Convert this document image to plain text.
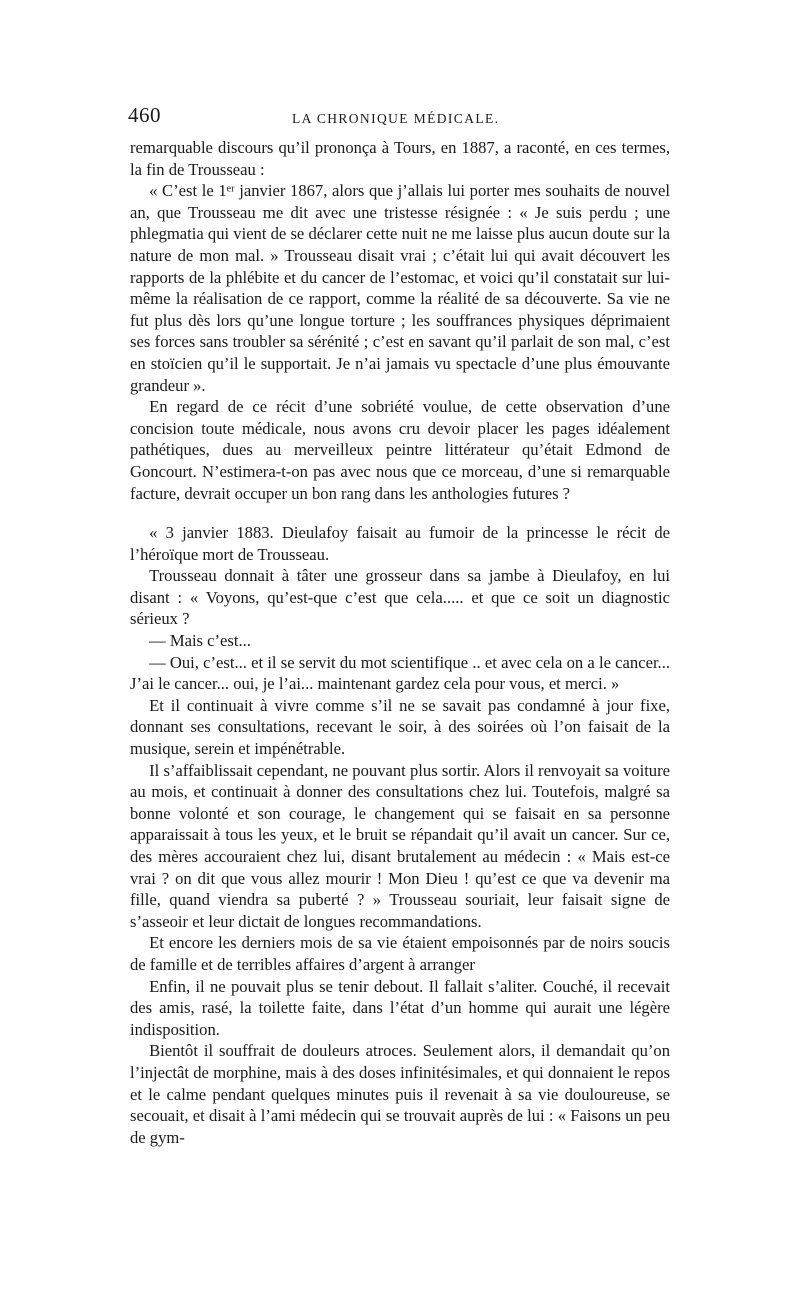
460	LA CHRONIQUE MÉDICALE.

remarquable discours qu’il prononça à Tours, en 1887, a raconté, en ces termes, la fin de Trousseau :

« C’est le 1ᵉʳ janvier 1867, alors que j’allais lui porter mes souhaits de nouvel an, que Trousseau me dit avec une tristesse résignée : « Je suis perdu ; une phlegmatia qui vient de se déclarer cette nuit ne me laisse plus aucun doute sur la nature de mon mal. » Trousseau disait vrai ; c’était lui qui avait découvert les rapports de la phlébite et du cancer de l’estomac, et voici qu’il constatait sur lui-même la réalisation de ce rapport, comme la réalité de sa découverte. Sa vie ne fut plus dès lors qu’une longue torture ; les souffrances physiques déprimaient ses forces sans troubler sa sérénité ; c’est en savant qu’il parlait de son mal, c’est en stoïcien qu’il le supportait. Je n’ai jamais vu spectacle d’une plus émouvante grandeur ».

En regard de ce récit d’une sobriété voulue, de cette observation d’une concision toute médicale, nous avons cru devoir placer les pages idéalement pathétiques, dues au merveilleux peintre littérateur qu’était Edmond de Goncourt. N’estimera-t-on pas avec nous que ce morceau, d’une si remarquable facture, devrait occuper un bon rang dans les anthologies futures ?

« 3 janvier 1883. Dieulafoy faisait au fumoir de la princesse le récit de l’héroïque mort de Trousseau.

Trousseau donnait à tâter une grosseur dans sa jambe à Dieulafoy, en lui disant : « Voyons, qu’est-que c’est que cela..... et que ce soit un diagnostic sérieux ?

— Mais c’est...

— Oui, c’est... et il se servit du mot scientifique .. et avec cela on a le cancer... J’ai le cancer... oui, je l’ai... maintenant gardez cela pour vous, et merci. »

Et il continuait à vivre comme s’il ne se savait pas condamné à jour fixe, donnant ses consultations, recevant le soir, à des soirées où l’on faisait de la musique, serein et impénétrable.

Il s’affaiblissait cependant, ne pouvant plus sortir. Alors il renvoyait sa voiture au mois, et continuait à donner des consultations chez lui. Toutefois, malgré sa bonne volonté et son courage, le changement qui se faisait en sa personne apparaissait à tous les yeux, et le bruit se répandait qu’il avait un cancer. Sur ce, des mères accouraient chez lui, disant brutalement au médecin : « Mais est-ce vrai ? on dit que vous allez mourir ! Mon Dieu ! qu’est ce que va devenir ma fille, quand viendra sa puberté ? » Trousseau souriait, leur faisait signe de s’asseoir et leur dictait de longues recommandations.

Et encore les derniers mois de sa vie étaient empoisonnés par de noirs soucis de famille et de terribles affaires d’argent à arranger

Enfin, il ne pouvait plus se tenir debout. Il fallait s’aliter. Couché, il recevait des amis, rasé, la toilette faite, dans l’état d’un homme qui aurait une légère indisposition.

Bientôt il souffrait de douleurs atroces. Seulement alors, il demandait qu’on l’injectât de morphine, mais à des doses infinitésimales, et qui donnaient le repos et le calme pendant quelques minutes puis il revenait à sa vie douloureuse, se secouait, et disait à l’ami médecin qui se trouvait auprès de lui : « Faisons un peu de gym-
